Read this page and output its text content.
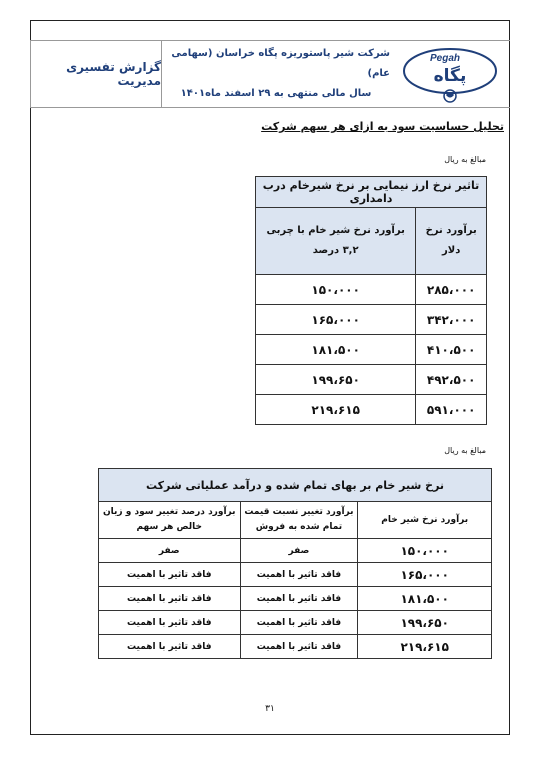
گزارش تفسیری مدیریت
شرکت شیر پاستوریزه پگاه خراسان (سهامی عام)
سال مالی منتهی به ۲۹ اسفند ماه۱۴۰۱
Pegah
پگاه
تحلیل حساسیت سود به ازای هر سهم شرکت
مبالغ به ریال
تاثیر نرخ ارز نیمایی بر نرخ شیرخام درب دامداری	
برآورد نرخ دلار	برآورد نرخ شیر خام با چربی ۳,۲ درصد
۲۸۵،۰۰۰	۱۵۰،۰۰۰
۳۴۲،۰۰۰	۱۶۵،۰۰۰
۴۱۰،۵۰۰	۱۸۱،۵۰۰
۴۹۲،۵۰۰	۱۹۹،۶۵۰
۵۹۱،۰۰۰	۲۱۹،۶۱۵
مبالغ به ریال
نرخ شیر خام بر بهای تمام شده و درآمد عملیاتی شرکت		
برآورد نرخ شیر خام	برآورد تغییر نسبت قیمت تمام شده به فروش	برآورد درصد تغییر سود و زیان خالص هر سهم
۱۵۰،۰۰۰	صفر	صفر
۱۶۵،۰۰۰	فاقد تاثیر با اهمیت	فاقد تاثیر با اهمیت
۱۸۱،۵۰۰	فاقد تاثیر با اهمیت	فاقد تاثیر با اهمیت
۱۹۹،۶۵۰	فاقد تاثیر با اهمیت	فاقد تاثیر با اهمیت
۲۱۹،۶۱۵	فاقد تاثیر با اهمیت	فاقد تاثیر با اهمیت
۳۱
